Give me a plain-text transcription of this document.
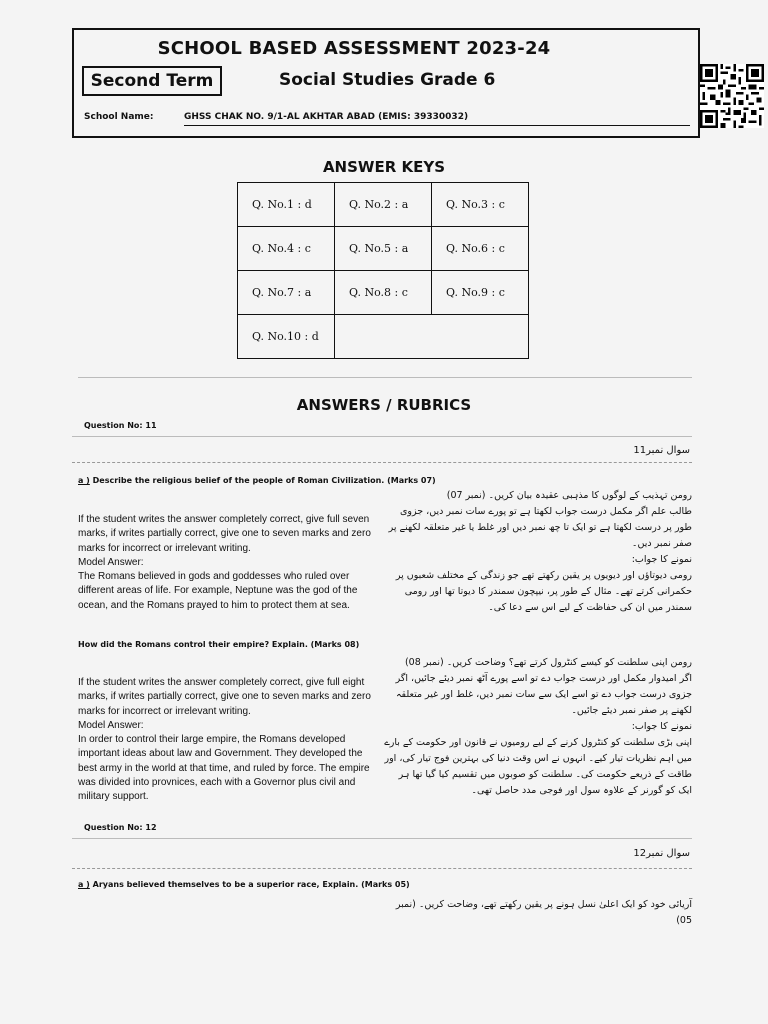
SCHOOL BASED ASSESSMENT 2023-24
Second Term	Social Studies Grade 6
School Name:	GHSS CHAK NO. 9/1-AL AKHTAR ABAD (EMIS: 39330032)
ANSWER KEYS
Q. No.1 : d	Q. No.2 : a	Q. No.3 : c
Q. No.4 : c	Q. No.5 : a	Q. No.6 : c
Q. No.7 : a	Q. No.8 : c	Q. No.9 : c
Q. No.10 : d		
ANSWERS / RUBRICS
Question No: 11
سوال نمبر11
a ) Describe the religious belief of the people of Roman Civilization. (Marks 07)

رومن تہذیب کے لوگوں کا مذہبی عقیدہ بیان کریں۔ (نمبر 07)

طالب علم اگر مکمل درست جواب لکھتا ہے تو پورے سات نمبر دیں، جزوی طور پر درست لکھتا ہے تو ایک تا چھ نمبر دیں اور غلط یا غیر متعلقہ لکھنے پر صفر نمبر دیں۔

نمونے کا جواب:

رومی دیوتاؤں اور دیویوں پر یقین رکھتے تھے جو زندگی کے مختلف شعبوں پر حکمرانی کرتے تھے۔ مثال کے طور پر، نیپچون سمندر کا دیوتا تھا اور رومی سمندر میں ان کی حفاظت کے لیے اس سے دعا کی۔

If the student writes the answer completely correct, give full seven marks, if writes partially correct, give one to seven marks and zero marks for incorrect or irrelevant writing.

Model Answer:

The Romans believed in gods and goddesses who ruled over different areas of life. For example, Neptune was the god of the ocean, and the Romans prayed to him to protect them at sea.

How did the Romans control their empire? Explain. (Marks 08)

رومن اپنی سلطنت کو کیسے کنٹرول کرتے تھے؟ وضاحت کریں۔ (نمبر 08)

اگر امیدوار مکمل اور درست جواب دے تو اسے پورے آٹھ نمبر دیئے جائیں، اگر جزوی درست جواب دے تو اسے ایک سے سات نمبر دیں، غلط اور غیر متعلقہ لکھنے پر صفر نمبر دیئے جائیں۔

نمونے کا جواب:

اپنی بڑی سلطنت کو کنٹرول کرنے کے لیے رومیوں نے قانون اور حکومت کے بارے میں اہم نظریات تیار کیے۔ انہوں نے اس وقت دنیا کی بہترین فوج تیار کی، اور طاقت کے ذریعے حکومت کی۔ سلطنت کو صوبوں میں تقسیم کیا گیا تھا ہر ایک کو گورنر کے علاوہ سول اور فوجی مدد حاصل تھی۔

If the student writes the answer completely correct, give full eight marks, if writes partially correct, give one to seven marks and zero marks for incorrect or irrelevant writing.

Model Answer:

In order to control their large empire, the Romans developed important ideas about law and Government. They developed the best army in the world at that time, and ruled by force. The empire was divided into provnices, each with a Governor plus civil and military support.

Question No: 12
سوال نمبر12
a ) Aryans believed themselves to be a superior race, Explain. (Marks 05)

آریائی خود کو ایک اعلیٰ نسل ہونے پر یقین رکھتے تھے، وضاحت کریں۔ (نمبر 05)
